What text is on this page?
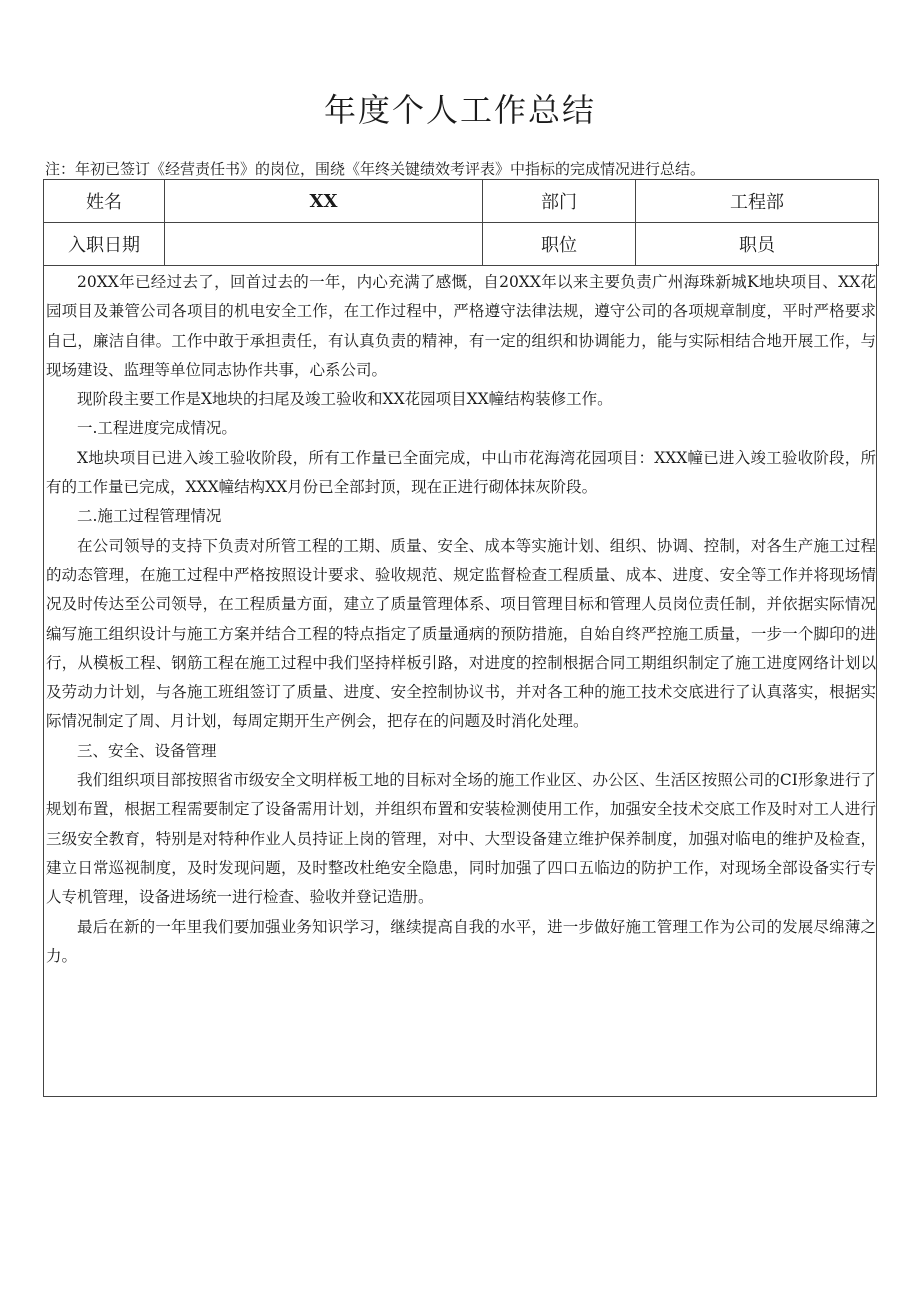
年度个人工作总结
注：年初已签订《经营责任书》的岗位，围绕《年终关键绩效考评表》中指标的完成情况进行总结。
姓名	XX	部门	工程部
入职日期		职位	职员

20XX年已经过去了，回首过去的一年，内心充满了感慨，自20XX年以来主要负责广州海珠新城K地块项目、XX花园项目及兼管公司各项目的机电安全工作，在工作过程中，严格遵守法律法规，遵守公司的各项规章制度，平时严格要求自己，廉洁自律。工作中敢于承担责任，有认真负责的精神，有一定的组织和协调能力，能与实际相结合地开展工作，与现场建设、监理等单位同志协作共事，心系公司。

现阶段主要工作是X地块的扫尾及竣工验收和XX花园项目XX幢结构装修工作。

一.工程进度完成情况。

X地块项目已进入竣工验收阶段，所有工作量已全面完成，中山市花海湾花园项目：XXX幢已进入竣工验收阶段，所有的工作量已完成，XXX幢结构XX月份已全部封顶，现在正进行砌体抹灰阶段。

二.施工过程管理情况

在公司领导的支持下负责对所管工程的工期、质量、安全、成本等实施计划、组织、协调、控制，对各生产施工过程的动态管理，在施工过程中严格按照设计要求、验收规范、规定监督检查工程质量、成本、进度、安全等工作并将现场情况及时传达至公司领导，在工程质量方面，建立了质量管理体系、项目管理目标和管理人员岗位责任制，并依据实际情况编写施工组织设计与施工方案并结合工程的特点指定了质量通病的预防措施，自始自终严控施工质量，一步一个脚印的进行，从模板工程、钢筋工程在施工过程中我们坚持样板引路，对进度的控制根据合同工期组织制定了施工进度网络计划以及劳动力计划，与各施工班组签订了质量、进度、安全控制协议书，并对各工种的施工技术交底进行了认真落实，根据实际情况制定了周、月计划，每周定期开生产例会，把存在的问题及时消化处理。

三、安全、设备管理

我们组织项目部按照省市级安全文明样板工地的目标对全场的施工作业区、办公区、生活区按照公司的CI形象进行了规划布置，根据工程需要制定了设备需用计划，并组织布置和安装检测使用工作，加强安全技术交底工作及时对工人进行三级安全教育，特别是对特种作业人员持证上岗的管理，对中、大型设备建立维护保养制度，加强对临电的维护及检查，建立日常巡视制度，及时发现问题，及时整改杜绝安全隐患，同时加强了四口五临边的防护工作，对现场全部设备实行专人专机管理，设备进场统一进行检查、验收并登记造册。

最后在新的一年里我们要加强业务知识学习，继续提高自我的水平，进一步做好施工管理工作为公司的发展尽绵薄之力。
